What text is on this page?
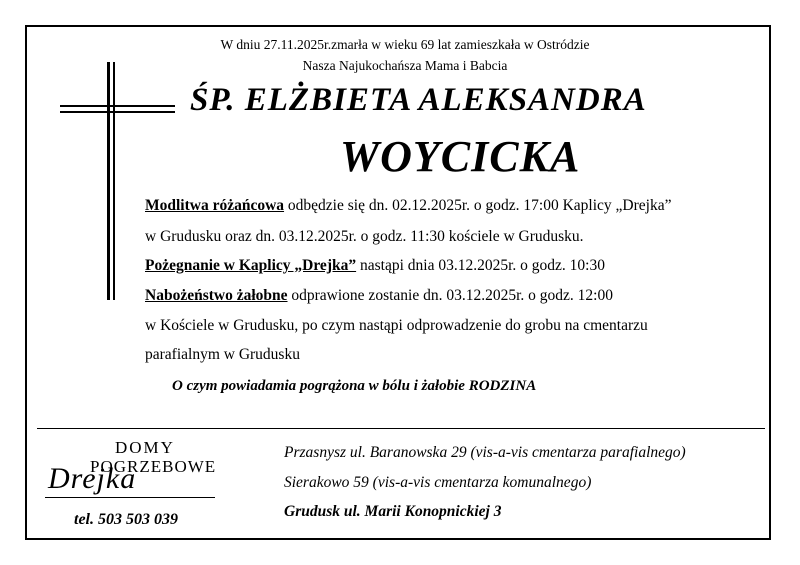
W dniu 27.11.2025r.zmarła w wieku 69 lat zamieszkała w Ostródzie
Nasza Najukochańsza Mama i Babcia
ŚP. ELŻBIETA ALEKSANDRA
WOYCICKA
Modlitwa różańcowa odbędzie się dn. 02.12.2025r. o godz. 17:00 Kaplicy „Drejka”
w Grudusku oraz dn. 03.12.2025r. o godz. 11:30 kościele w Grudusku.
Pożegnanie w Kaplicy „Drejka” nastąpi dnia 03.12.2025r. o godz. 10:30
Nabożeństwo żałobne odprawione zostanie dn. 03.12.2025r. o godz. 12:00
w Kościele w Grudusku, po czym nastąpi odprowadzenie do grobu na cmentarzu
parafialnym w Grudusku
O czym powiadamia pogrążona w bólu i żałobie RODZINA
DOMY
POGRZEBOWE
Drejka
tel. 503 503 039
Przasnysz ul. Baranowska 29 (vis-a-vis cmentarza parafialnego)
Sierakowo 59 (vis-a-vis cmentarza komunalnego)
Grudusk ul. Marii Konopnickiej 3
